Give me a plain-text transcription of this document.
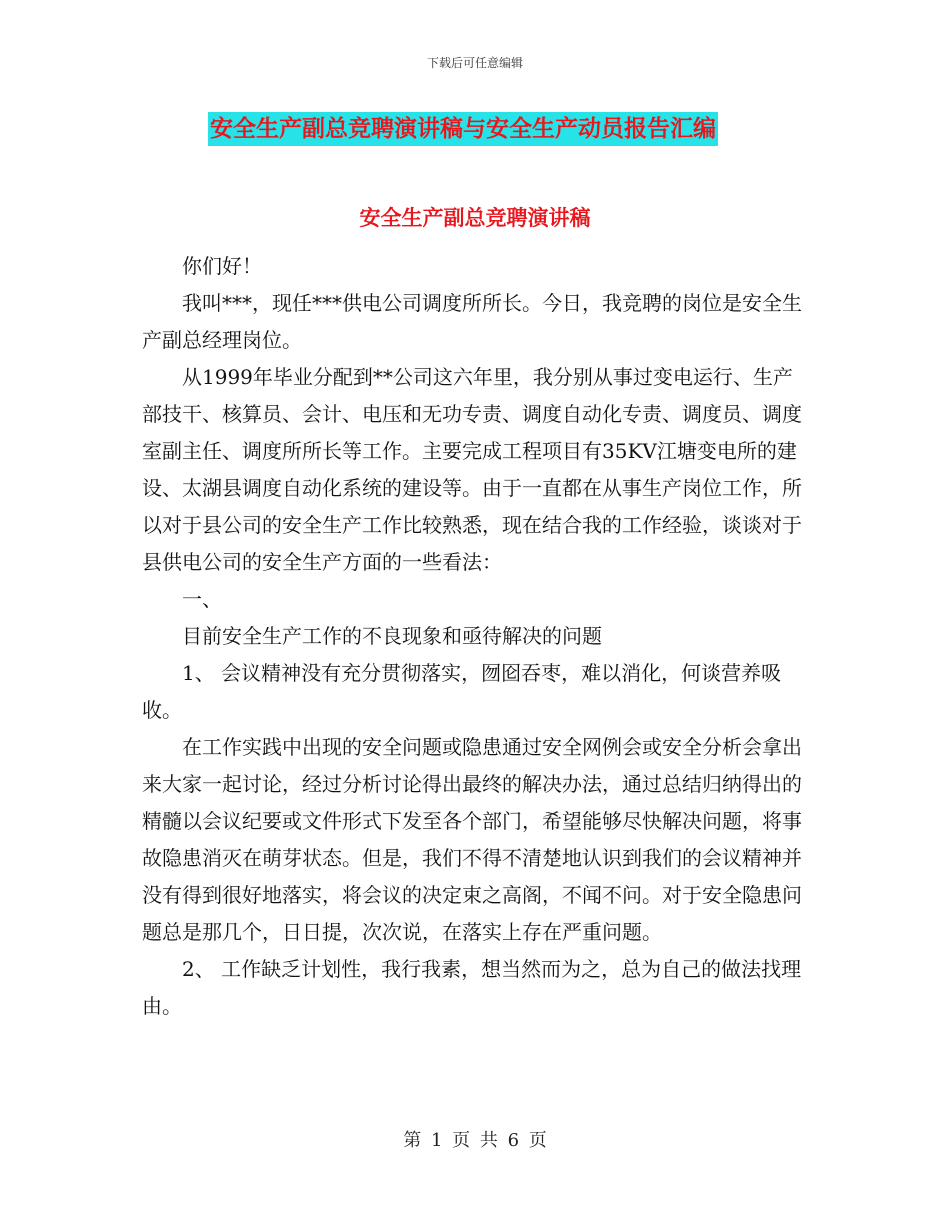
下载后可任意编辑
安全生产副总竞聘演讲稿与安全生产动员报告汇编
安全生产副总竞聘演讲稿

你们好！

我叫***，现任***供电公司调度所所长。今日，我竞聘的岗位是安全生产副总经理岗位。

从1999年毕业分配到**公司这六年里，我分别从事过变电运行、生产部技干、核算员、会计、电压和无功专责、调度自动化专责、调度员、调度室副主任、调度所所长等工作。主要完成工程项目有35KV江塘变电所的建设、太湖县调度自动化系统的建设等。由于一直都在从事生产岗位工作，所以对于县公司的安全生产工作比较熟悉，现在结合我的工作经验，谈谈对于县供电公司的安全生产方面的一些看法：

一、

目前安全生产工作的不良现象和亟待解决的问题

1、 会议精神没有充分贯彻落实，囫囵吞枣，难以消化，何谈营养吸收。

在工作实践中出现的安全问题或隐患通过安全网例会或安全分析会拿出来大家一起讨论，经过分析讨论得出最终的解决办法，通过总结归纳得出的精髓以会议纪要或文件形式下发至各个部门，希望能够尽快解决问题，将事故隐患消灭在萌芽状态。但是，我们不得不清楚地认识到我们的会议精神并没有得到很好地落实，将会议的决定束之高阁，不闻不问。对于安全隐患问题总是那几个，日日提，次次说，在落实上存在严重问题。

2、 工作缺乏计划性，我行我素，想当然而为之，总为自己的做法找理由。

第 1 页 共 6 页
